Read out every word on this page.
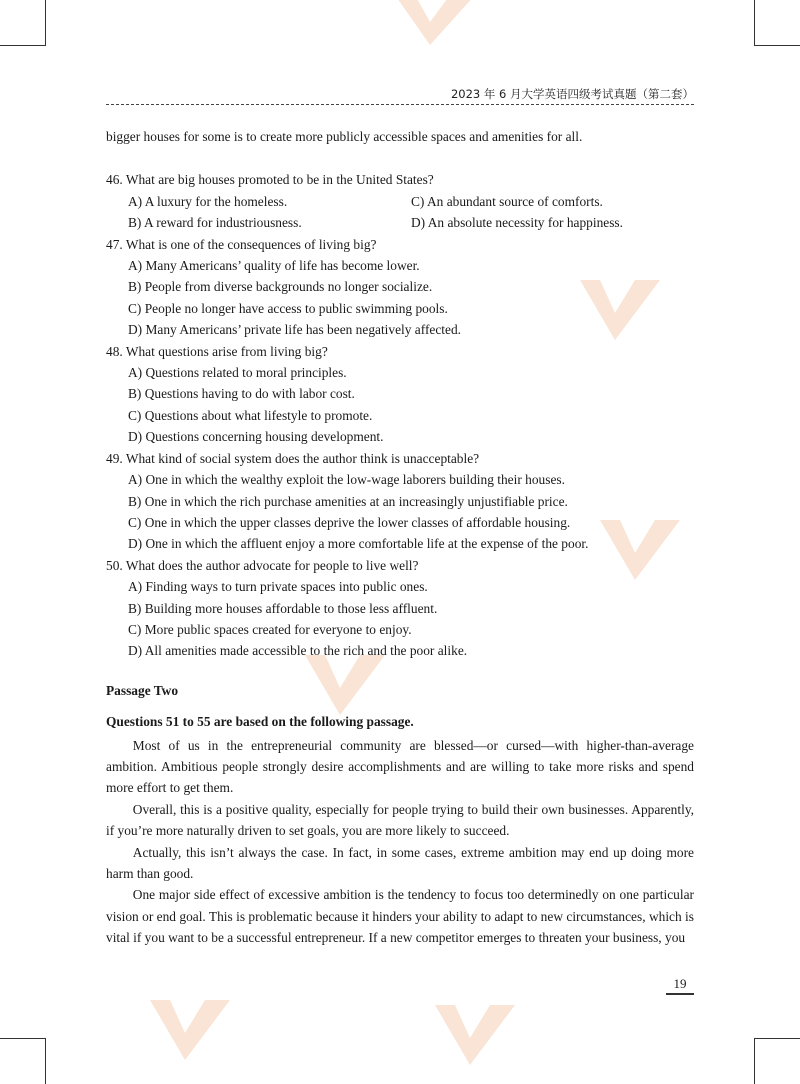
2023 年 6 月大学英语四级考试真题（第二套）

bigger houses for some is to create more publicly accessible spaces and amenities for all.

46. What are big houses promoted to be in the United States?

A) A luxury for the homeless.	C) An abundant source of comforts.

B) A reward for industriousness.	D) An absolute necessity for happiness.

47. What is one of the consequences of living big?

A) Many Americans’ quality of life has become lower.

B) People from diverse backgrounds no longer socialize.

C) People no longer have access to public swimming pools.

D) Many Americans’ private life has been negatively affected.

48. What questions arise from living big?

A) Questions related to moral principles.

B) Questions having to do with labor cost.

C) Questions about what lifestyle to promote.

D) Questions concerning housing development.

49. What kind of social system does the author think is unacceptable?

A) One in which the wealthy exploit the low-wage laborers building their houses.

B) One in which the rich purchase amenities at an increasingly unjustifiable price.

C) One in which the upper classes deprive the lower classes of affordable housing.

D) One in which the affluent enjoy a more comfortable life at the expense of the poor.

50. What does the author advocate for people to live well?

A) Finding ways to turn private spaces into public ones.

B) Building more houses affordable to those less affluent.

C) More public spaces created for everyone to enjoy.

D) All amenities made accessible to the rich and the poor alike.

Passage Two

Questions 51 to 55 are based on the following passage.

Most of us in the entrepreneurial community are blessed—or cursed—with higher-than-average ambition. Ambitious people strongly desire accomplishments and are willing to take more risks and spend more effort to get them.

Overall, this is a positive quality, especially for people trying to build their own businesses. Apparently, if you’re more naturally driven to set goals, you are more likely to succeed.

Actually, this isn’t always the case. In fact, in some cases, extreme ambition may end up doing more harm than good.

One major side effect of excessive ambition is the tendency to focus too determinedly on one particular vision or end goal. This is problematic because it hinders your ability to adapt to new circumstances, which is vital if you want to be a successful entrepreneur. If a new competitor emerges to threaten your business, you

19
